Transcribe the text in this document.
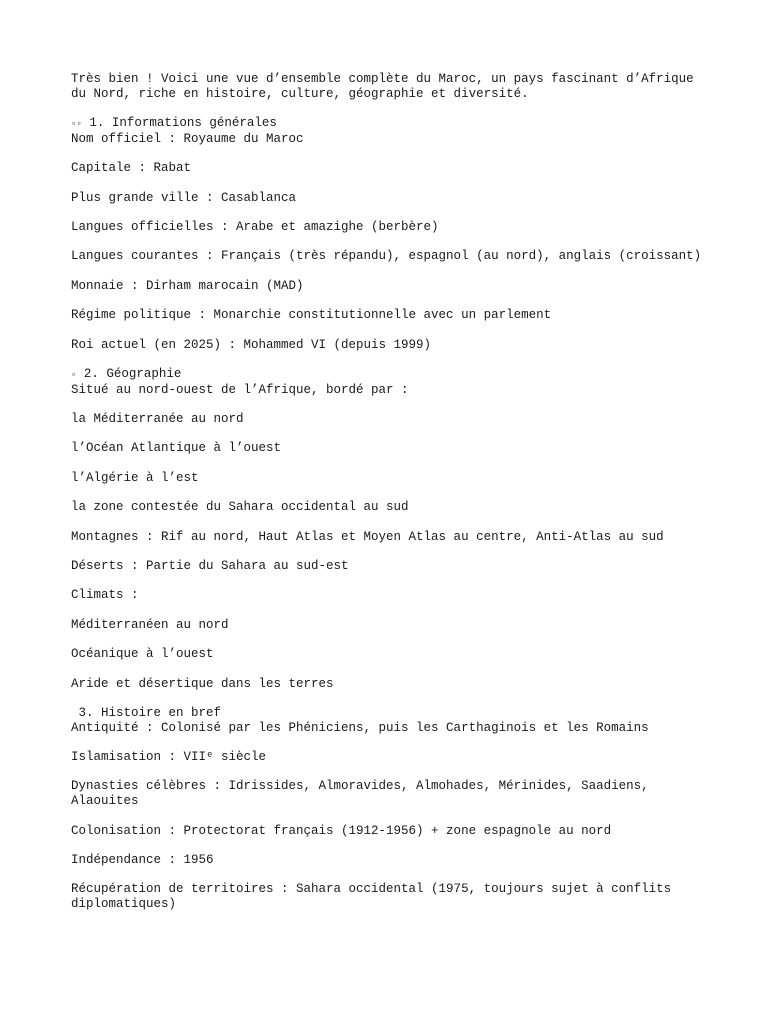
Très bien ! Voici une vue d’ensemble complète du Maroc, un pays fascinant d’Afrique du Nord, riche en histoire, culture, géographie et diversité.

▫▫ 1. Informations générales

Nom officiel : Royaume du Maroc

Capitale : Rabat

Plus grande ville : Casablanca

Langues officielles : Arabe et amazighe (berbère)

Langues courantes : Français (très répandu), espagnol (au nord), anglais (croissant)

Monnaie : Dirham marocain (MAD)

Régime politique : Monarchie constitutionnelle avec un parlement

Roi actuel (en 2025) : Mohammed VI (depuis 1999)

▫ 2. Géographie

Situé au nord-ouest de l’Afrique, bordé par :

la Méditerranée au nord

l’Océan Atlantique à l’ouest

l’Algérie à l’est

la zone contestée du Sahara occidental au sud

Montagnes : Rif au nord, Haut Atlas et Moyen Atlas au centre, Anti-Atlas au sud

Déserts : Partie du Sahara au sud-est

Climats :

Méditerranéen au nord

Océanique à l’ouest

Aride et désertique dans les terres

3. Histoire en bref

Antiquité : Colonisé par les Phéniciens, puis les Carthaginois et les Romains

Islamisation : VIIᵉ siècle

Dynasties célèbres : Idrissides, Almoravides, Almohades, Mérinides, Saadiens, Alaouites

Colonisation : Protectorat français (1912-1956) + zone espagnole au nord

Indépendance : 1956

Récupération de territoires : Sahara occidental (1975, toujours sujet à conflits diplomatiques)
